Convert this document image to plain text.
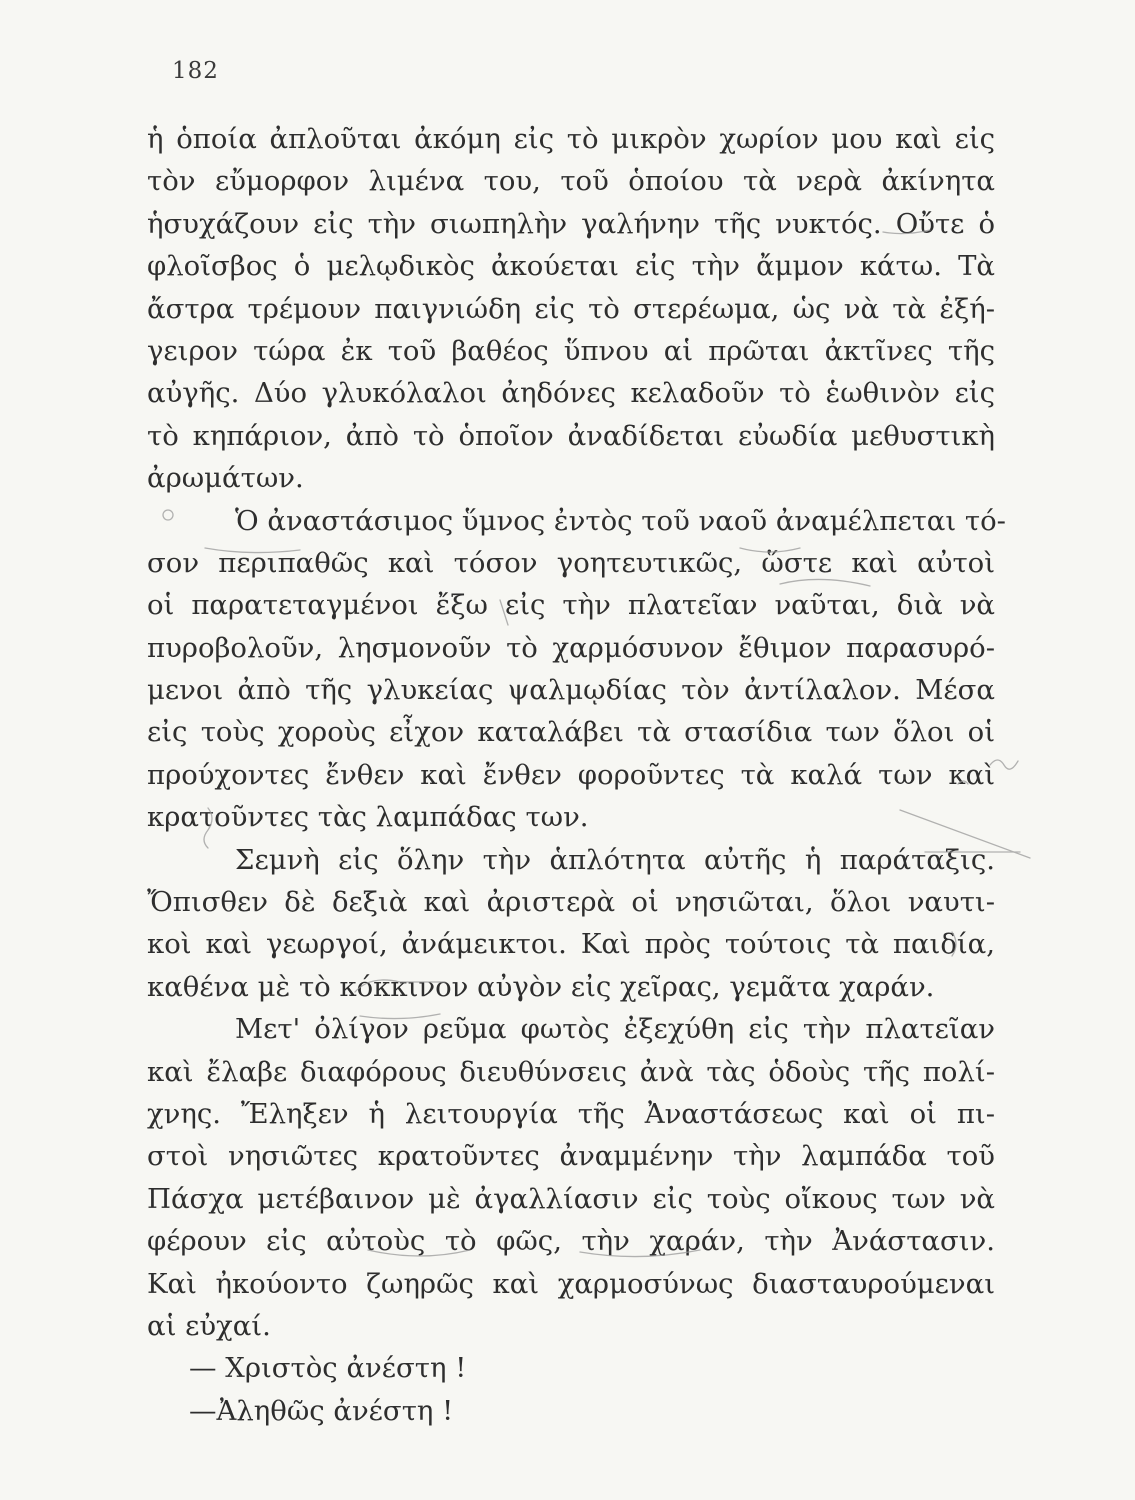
182
ἡ ὁποία ἀπλοῦται ἀκόμη εἰς τὸ μικρὸν χωρίον μου καὶ εἰς
τὸν εὔμορφον λιμένα του, τοῦ ὁποίου τὰ νερὰ ἀκίνητα
ἡσυχάζουν εἰς τὴν σιωπηλὴν γαλήνην τῆς νυκτός. Οὔτε ὁ
φλοῖσβος ὁ μελῳδικὸς ἀκούεται εἰς τὴν ἄμμον κάτω. Τὰ
ἄστρα τρέμουν παιγνιώδη εἰς τὸ στερέωμα, ὡς νὰ τὰ ἐξή-
γειρον τώρα ἐκ τοῦ βαθέος ὕπνου αἱ πρῶται ἀκτῖνες τῆς
αὐγῆς. Δύο γλυκόλαλοι ἀηδόνες κελαδοῦν τὸ ἑωθινὸν εἰς
τὸ κηπάριον, ἀπὸ τὸ ὁποῖον ἀναδίδεται εὐωδία μεθυστικὴ
ἀρωμάτων.
Ὁ ἀναστάσιμος ὕμνος ἐντὸς τοῦ ναοῦ ἀναμέλπεται τό-
σον περιπαθῶς καὶ τόσον γοητευτικῶς, ὥστε καὶ αὐτοὶ
οἱ παρατεταγμένοι ἔξω εἰς τὴν πλατεῖαν ναῦται, διὰ νὰ
πυροβολοῦν, λησμονοῦν τὸ χαρμόσυνον ἔθιμον παρασυρό-
μενοι ἀπὸ τῆς γλυκείας ψαλμῳδίας τὸν ἀντίλαλον. Μέσα
εἰς τοὺς χοροὺς εἶχον καταλάβει τὰ στασίδια των ὅλοι οἱ
προύχοντες ἔνθεν καὶ ἔνθεν φοροῦντες τὰ καλά των καὶ
κρατοῦντες τὰς λαμπάδας των.
Σεμνὴ εἰς ὅλην τὴν ἁπλότητα αὐτῆς ἡ παράταξις.
Ὄπισθεν δὲ δεξιὰ καὶ ἀριστερὰ οἱ νησιῶται, ὅλοι ναυτι-
κοὶ καὶ γεωργοί, ἀνάμεικτοι. Καὶ πρὸς τούτοις τὰ παιδία,
καθένα μὲ τὸ κόκκινον αὐγὸν εἰς χεῖρας, γεμᾶτα χαράν.
Μετ' ὀλίγον ρεῦμα φωτὸς ἐξεχύθη εἰς τὴν πλατεῖαν
καὶ ἔλαβε διαφόρους διευθύνσεις ἀνὰ τὰς ὁδοὺς τῆς πολί-
χνης. Ἔληξεν ἡ λειτουργία τῆς Ἀναστάσεως καὶ οἱ πι-
στοὶ νησιῶτες κρατοῦντες ἀναμμένην τὴν λαμπάδα τοῦ
Πάσχα μετέβαινον μὲ ἀγαλλίασιν εἰς τοὺς οἴκους των νὰ
φέρουν εἰς αὐτοὺς τὸ φῶς, τὴν χαράν, τὴν Ἀνάστασιν.
Καὶ ἠκούοντο ζωηρῶς καὶ χαρμοσύνως διασταυρούμεναι
αἱ εὐχαί.
— Χριστὸς ἀνέστη !
—Ἀληθῶς ἀνέστη !
